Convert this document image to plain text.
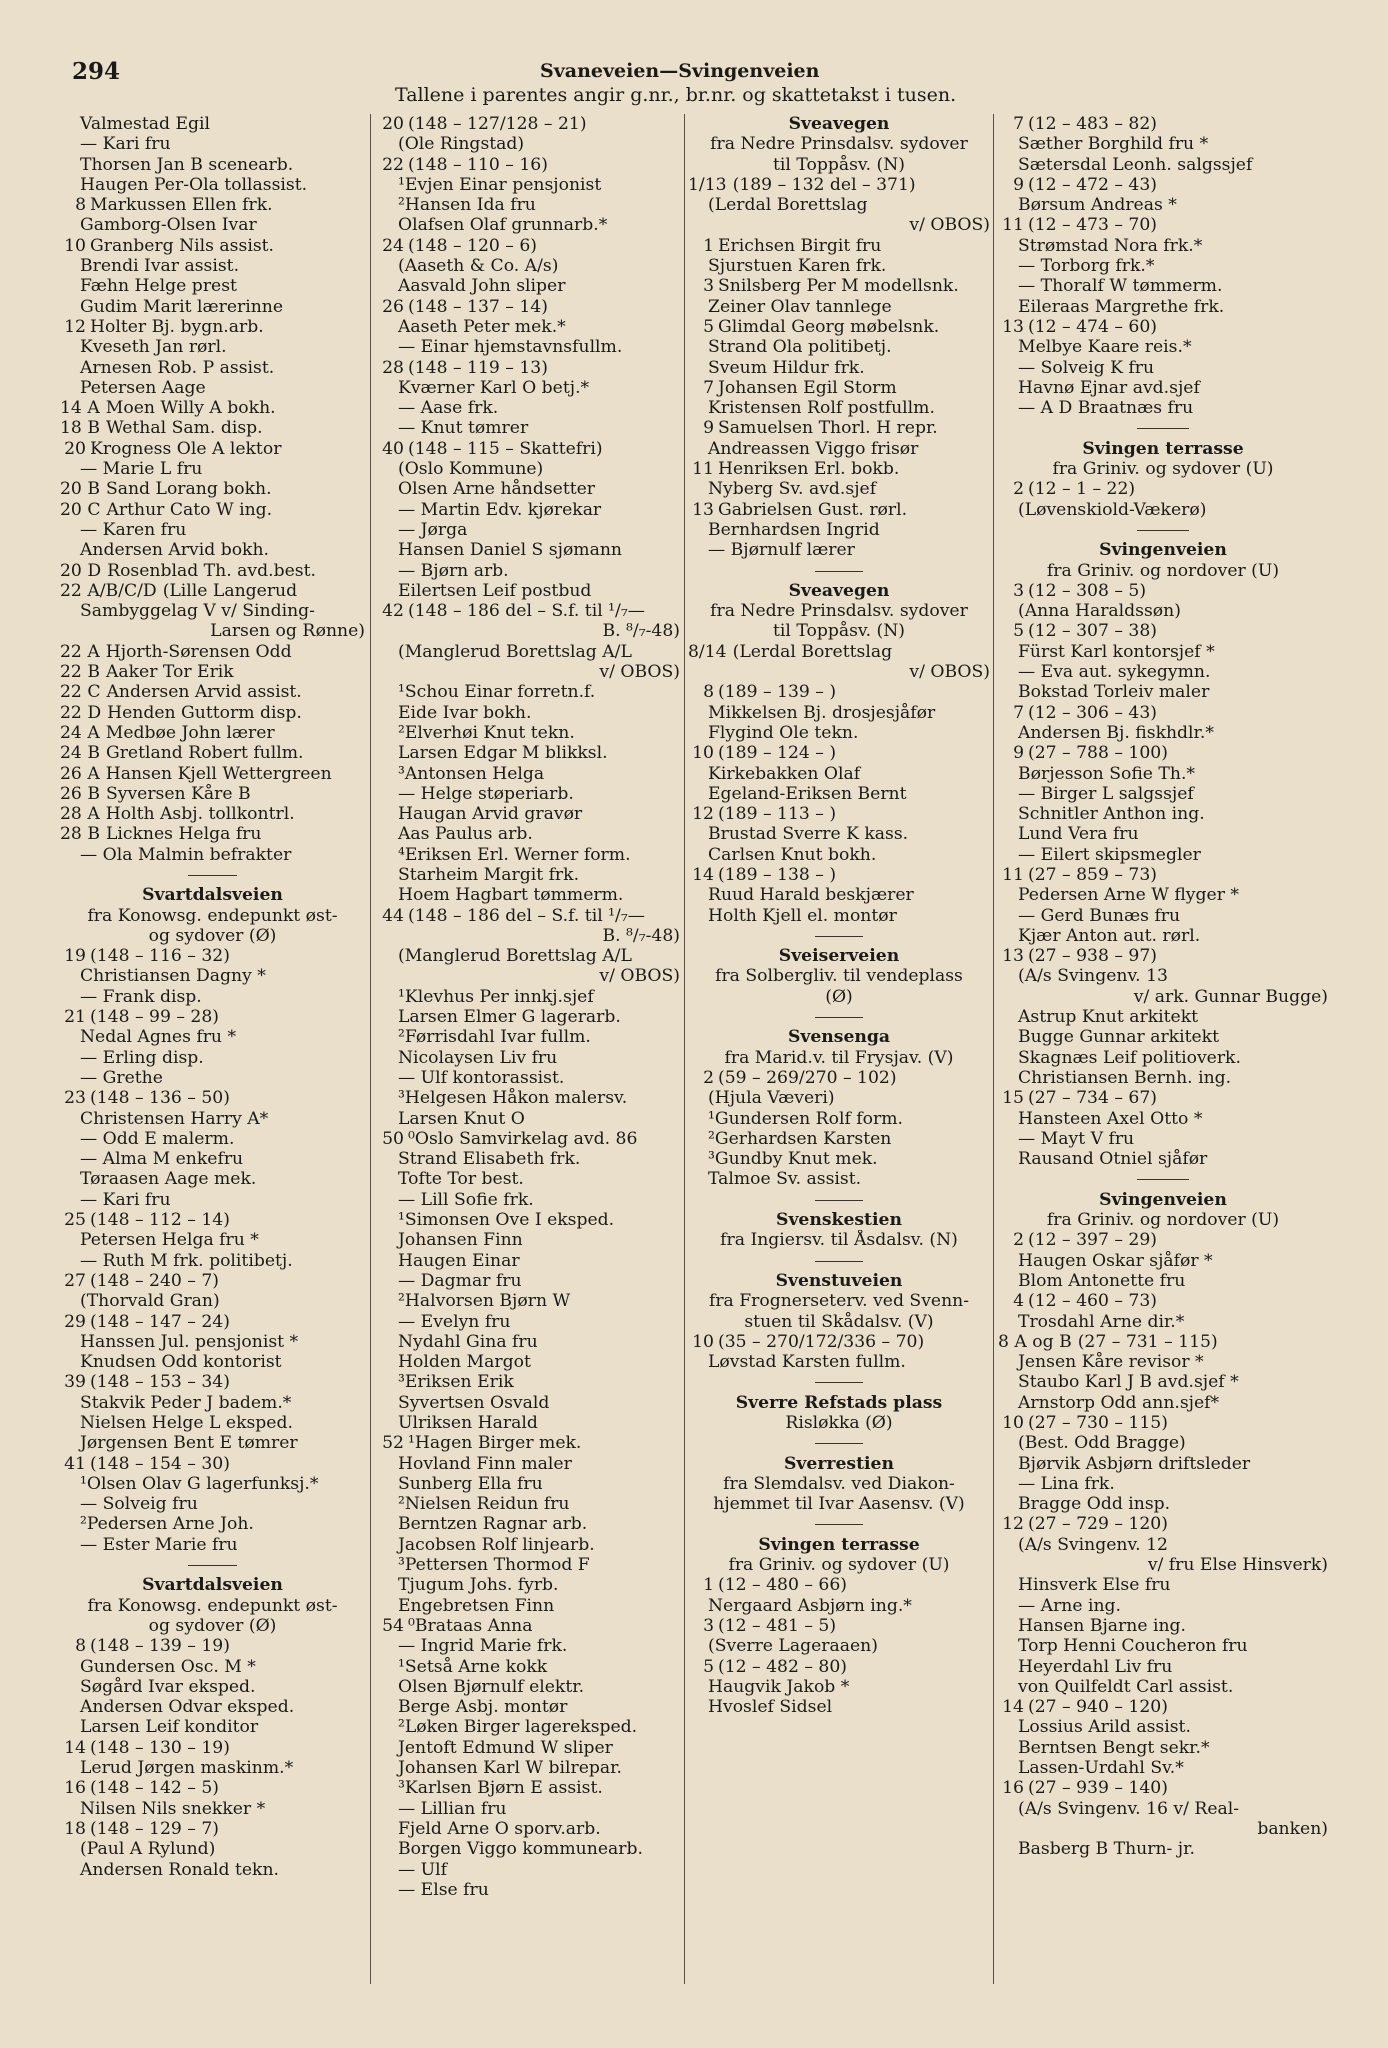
294	Svaneveien—Svingenveien
Tallene i parentes angir g.nr., br.nr. og skattetakst i tusen.
Valmestad Egil
— Kari fru
Thorsen Jan B scenearb.
Haugen Per-Ola tollassist.
8 Markussen Ellen frk.
Gamborg-Olsen Ivar
10 Granberg Nils assist.
Brendi Ivar assist.
Fæhn Helge prest
Gudim Marit lærerinne
12 Holter Bj. bygn.arb.
Kveseth Jan rørl.
Arnesen Rob. P assist.
Petersen Aage
14 A Moen Willy A bokh.
18 B Wethal Sam. disp.
20 Krogness Ole A lektor
— Marie L fru
20 B Sand Lorang bokh.
20 C Arthur Cato W ing.
— Karen fru
Andersen Arvid bokh.
20 D Rosenblad Th. avd.best.
22 A/B/C/D (Lille Langerud
Sambyggelag V v/ Sinding-
Larsen og Rønne)
22 A Hjorth-Sørensen Odd
22 B Aaker Tor Erik
22 C Andersen Arvid assist.
22 D Henden Guttorm disp.
24 A Medbøe John lærer
24 B Gretland Robert fullm.
26 A Hansen Kjell Wettergreen
26 B Syversen Kåre B
28 A Holth Asbj. tollkontrl.
28 B Licknes Helga fru
— Ola Malmin befrakter
Svartdalsveien
fra Konowsg. endepunkt øst-
og sydover (Ø)
19 (148 – 116 – 32)
Christiansen Dagny *
— Frank disp.
21 (148 – 99 – 28)
Nedal Agnes fru *
— Erling disp.
— Grethe
23 (148 – 136 – 50)
Christensen Harry A*
— Odd E malerm.
— Alma M enkefru
Tøraasen Aage mek.
— Kari fru
25 (148 – 112 – 14)
Petersen Helga fru *
— Ruth M frk. politibetj.
27 (148 – 240 – 7)
(Thorvald Gran)
29 (148 – 147 – 24)
Hanssen Jul. pensjonist *
Knudsen Odd kontorist
39 (148 – 153 – 34)
Stakvik Peder J badem.*
Nielsen Helge L eksped.
Jørgensen Bent E tømrer
41 (148 – 154 – 30)
¹Olsen Olav G lagerfunksj.*
— Solveig fru
²Pedersen Arne Joh.
— Ester Marie fru
Svartdalsveien
fra Konowsg. endepunkt øst-
og sydover (Ø)
8 (148 – 139 – 19)
Gundersen Osc. M *
Søgård Ivar eksped.
Andersen Odvar eksped.
Larsen Leif konditor
14 (148 – 130 – 19)
Lerud Jørgen maskinm.*
16 (148 – 142 – 5)
Nilsen Nils snekker *
18 (148 – 129 – 7)
(Paul A Rylund)
Andersen Ronald tekn.
20 (148 – 127/128 – 21)
(Ole Ringstad)
22 (148 – 110 – 16)
¹Evjen Einar pensjonist
²Hansen Ida fru
Olafsen Olaf grunnarb.*
24 (148 – 120 – 6)
(Aaseth & Co. A/s)
Aasvald John sliper
26 (148 – 137 – 14)
Aaseth Peter mek.*
— Einar hjemstavnsfullm.
28 (148 – 119 – 13)
Kværner Karl O betj.*
— Aase frk.
— Knut tømrer
40 (148 – 115 – Skattefri)
(Oslo Kommune)
Olsen Arne håndsetter
— Martin Edv. kjørekar
— Jørga
Hansen Daniel S sjømann
— Bjørn arb.
Eilertsen Leif postbud
42 (148 – 186 del – S.f. til ¹/₇—
B. ⁸/₇-48)
(Manglerud Borettslag A/L
v/ OBOS)
¹Schou Einar forretn.f.
Eide Ivar bokh.
²Elverhøi Knut tekn.
Larsen Edgar M blikksl.
³Antonsen Helga
— Helge støperiarb.
Haugan Arvid gravør
Aas Paulus arb.
⁴Eriksen Erl. Werner form.
Starheim Margit frk.
Hoem Hagbart tømmerm.
44 (148 – 186 del – S.f. til ¹/₇—
B. ⁸/₇-48)
(Manglerud Borettslag A/L
v/ OBOS)
¹Klevhus Per innkj.sjef
Larsen Elmer G lagerarb.
²Førrisdahl Ivar fullm.
Nicolaysen Liv fru
— Ulf kontorassist.
³Helgesen Håkon malersv.
Larsen Knut O
50 ⁰Oslo Samvirkelag avd. 86
Strand Elisabeth frk.
Tofte Tor best.
— Lill Sofie frk.
¹Simonsen Ove I eksped.
Johansen Finn
Haugen Einar
— Dagmar fru
²Halvorsen Bjørn W
— Evelyn fru
Nydahl Gina fru
Holden Margot
³Eriksen Erik
Syvertsen Osvald
Ulriksen Harald
52 ¹Hagen Birger mek.
Hovland Finn maler
Sunberg Ella fru
²Nielsen Reidun fru
Berntzen Ragnar arb.
Jacobsen Rolf linjearb.
³Pettersen Thormod F
Tjugum Johs. fyrb.
Engebretsen Finn
54 ⁰Brataas Anna
— Ingrid Marie frk.
¹Setså Arne kokk
Olsen Bjørnulf elektr.
Berge Asbj. montør
²Løken Birger lagereksped.
Jentoft Edmund W sliper
Johansen Karl W bilrepar.
³Karlsen Bjørn E assist.
— Lillian fru
Fjeld Arne O sporv.arb.
Borgen Viggo kommunearb.
— Ulf
— Else fru
Sveavegen
fra Nedre Prinsdalsv. sydover
til Toppåsv. (N)
1/13 (189 – 132 del – 371)
(Lerdal Borettslag
v/ OBOS)
1 Erichsen Birgit fru
Sjurstuen Karen frk.
3 Snilsberg Per M modellsnk.
Zeiner Olav tannlege
5 Glimdal Georg møbelsnk.
Strand Ola politibetj.
Sveum Hildur frk.
7 Johansen Egil Storm
Kristensen Rolf postfullm.
9 Samuelsen Thorl. H repr.
Andreassen Viggo frisør
11 Henriksen Erl. bokb.
Nyberg Sv. avd.sjef
13 Gabrielsen Gust. rørl.
Bernhardsen Ingrid
— Bjørnulf lærer
Sveavegen
fra Nedre Prinsdalsv. sydover
til Toppåsv. (N)
8/14 (Lerdal Borettslag
v/ OBOS)
8 (189 – 139 – )
Mikkelsen Bj. drosjesjåfør
Flygind Ole tekn.
10 (189 – 124 – )
Kirkebakken Olaf
Egeland-Eriksen Bernt
12 (189 – 113 – )
Brustad Sverre K kass.
Carlsen Knut bokh.
14 (189 – 138 – )
Ruud Harald beskjærer
Holth Kjell el. montør
Sveiserveien
fra Solbergliv. til vendeplass
(Ø)
Svensenga
fra Marid.v. til Frysjav. (V)
2 (59 – 269/270 – 102)
(Hjula Væveri)
¹Gundersen Rolf form.
²Gerhardsen Karsten
³Gundby Knut mek.
Talmoe Sv. assist.
Svenskestien
fra Ingiersv. til Åsdalsv. (N)
Svenstuveien
fra Frognerseterv. ved Svenn-
stuen til Skådalsv. (V)
10 (35 – 270/172/336 – 70)
Løvstad Karsten fullm.
Sverre Refstads plass
Risløkka (Ø)
Sverrestien
fra Slemdalsv. ved Diakon-
hjemmet til Ivar Aasensv. (V)
Svingen terrasse
fra Griniv. og sydover (U)
1 (12 – 480 – 66)
Nergaard Asbjørn ing.*
3 (12 – 481 – 5)
(Sverre Lageraaen)
5 (12 – 482 – 80)
Haugvik Jakob *
Hvoslef Sidsel
7 (12 – 483 – 82)
Sæther Borghild fru *
Sætersdal Leonh. salgssjef
9 (12 – 472 – 43)
Børsum Andreas *
11 (12 – 473 – 70)
Strømstad Nora frk.*
— Torborg frk.*
— Thoralf W tømmerm.
Eileraas Margrethe frk.
13 (12 – 474 – 60)
Melbye Kaare reis.*
— Solveig K fru
Havnø Ejnar avd.sjef
— A D Braatnæs fru
Svingen terrasse
fra Griniv. og sydover (U)
2 (12 – 1 – 22)
(Løvenskiold-Vækerø)
Svingenveien
fra Griniv. og nordover (U)
3 (12 – 308 – 5)
(Anna Haraldssøn)
5 (12 – 307 – 38)
Fürst Karl kontorsjef *
— Eva aut. sykegymn.
Bokstad Torleiv maler
7 (12 – 306 – 43)
Andersen Bj. fiskhdlr.*
9 (27 – 788 – 100)
Børjesson Sofie Th.*
— Birger L salgssjef
Schnitler Anthon ing.
Lund Vera fru
— Eilert skipsmegler
11 (27 – 859 – 73)
Pedersen Arne W flyger *
— Gerd Bunæs fru
Kjær Anton aut. rørl.
13 (27 – 938 – 97)
(A/s Svingenv. 13
v/ ark. Gunnar Bugge)
Astrup Knut arkitekt
Bugge Gunnar arkitekt
Skagnæs Leif politioverk.
Christiansen Bernh. ing.
15 (27 – 734 – 67)
Hansteen Axel Otto *
— Mayt V fru
Rausand Otniel sjåfør
Svingenveien
fra Griniv. og nordover (U)
2 (12 – 397 – 29)
Haugen Oskar sjåfør *
Blom Antonette fru
4 (12 – 460 – 73)
Trosdahl Arne dir.*
8 A og B (27 – 731 – 115)
Jensen Kåre revisor *
Staubo Karl J B avd.sjef *
Arnstorp Odd ann.sjef*
10 (27 – 730 – 115)
(Best. Odd Bragge)
Bjørvik Asbjørn driftsleder
— Lina frk.
Bragge Odd insp.
12 (27 – 729 – 120)
(A/s Svingenv. 12
v/ fru Else Hinsverk)
Hinsverk Else fru
— Arne ing.
Hansen Bjarne ing.
Torp Henni Coucheron fru
Heyerdahl Liv fru
von Quilfeldt Carl assist.
14 (27 – 940 – 120)
Lossius Arild assist.
Berntsen Bengt sekr.*
Lassen-Urdahl Sv.*
16 (27 – 939 – 140)
(A/s Svingenv. 16 v/ Real-
banken)
Basberg B Thurn- jr.
